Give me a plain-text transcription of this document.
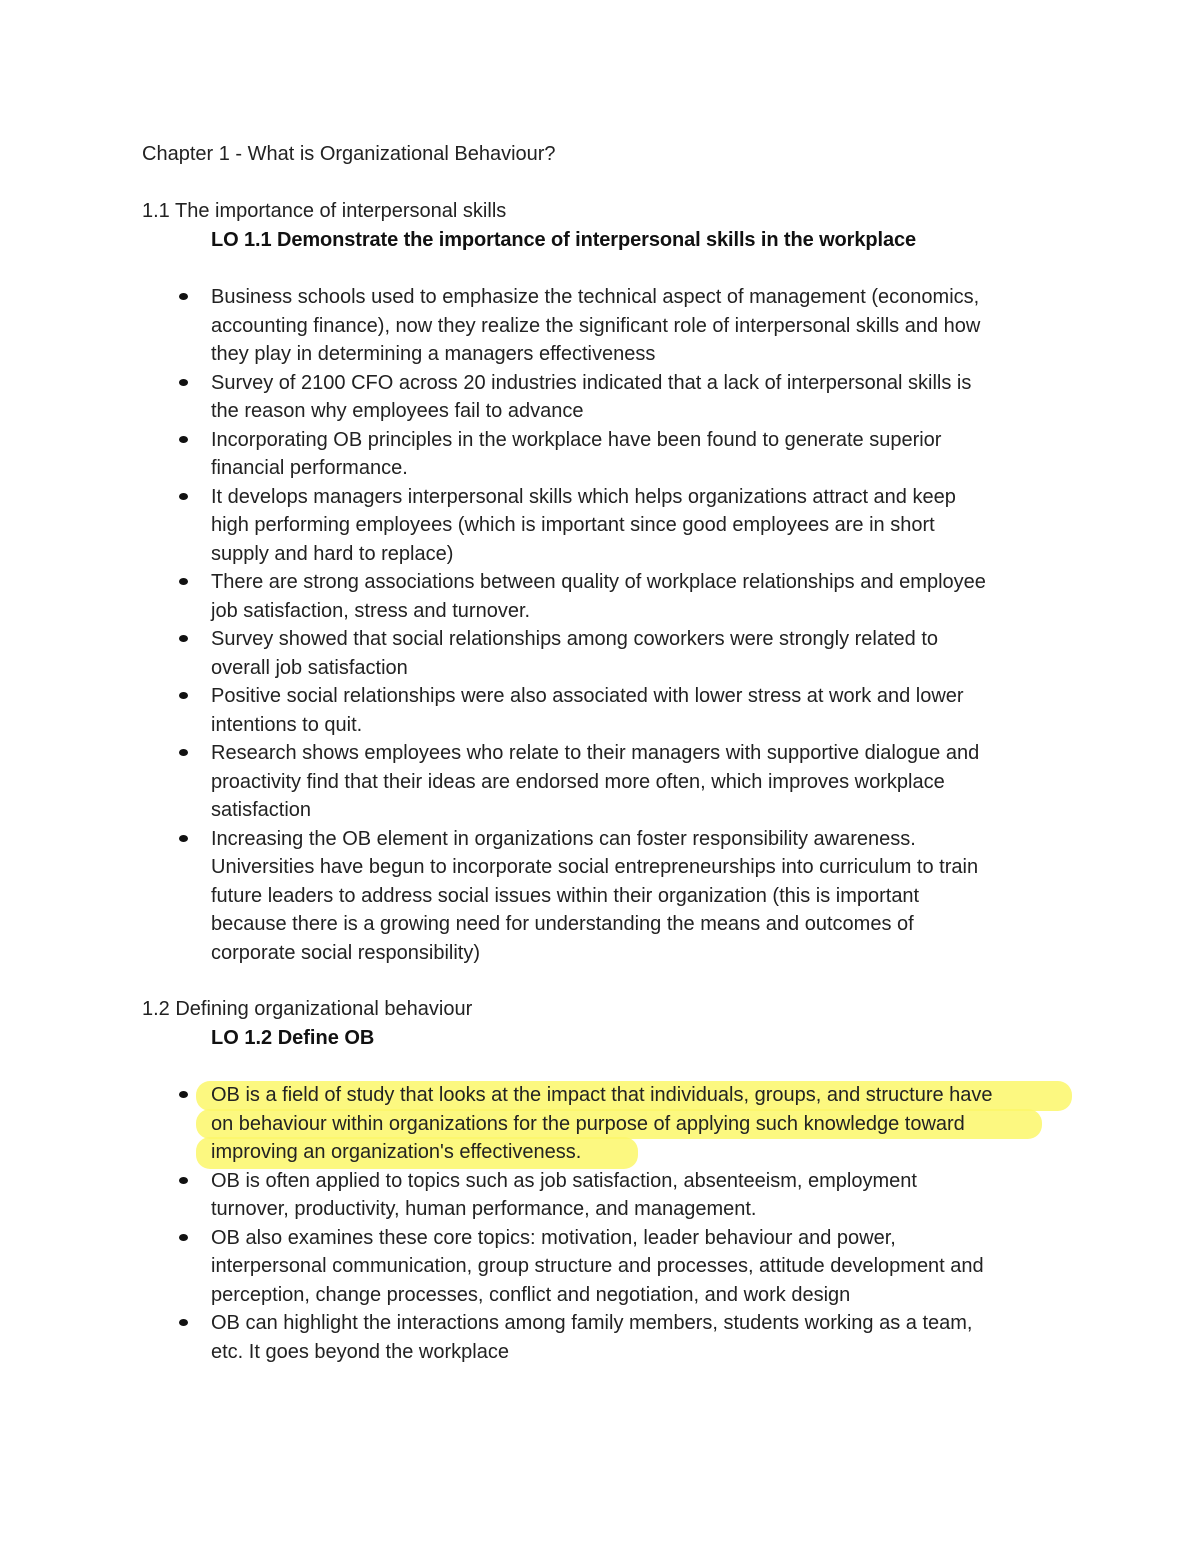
Chapter 1 - What is Organizational Behaviour?
1.1 The importance of interpersonal skills
LO 1.1 Demonstrate the importance of interpersonal skills in the workplace
Business schools used to emphasize the technical aspect of management (economics,
accounting finance), now they realize the significant role of interpersonal skills and how
they play in determining a managers effectiveness
Survey of 2100 CFO across 20 industries indicated that a lack of interpersonal skills is
the reason why employees fail to advance
Incorporating OB principles in the workplace have been found to generate superior
financial performance.
It develops managers interpersonal skills which helps organizations attract and keep
high performing employees (which is important since good employees are in short
supply and hard to replace)
There are strong associations between quality of workplace relationships and employee
job satisfaction, stress and turnover.
Survey showed that social relationships among coworkers were strongly related to
overall job satisfaction
Positive social relationships were also associated with lower stress at work and lower
intentions to quit.
Research shows employees who relate to their managers with supportive dialogue and
proactivity find that their ideas are endorsed more often, which improves workplace
satisfaction
Increasing the OB element in organizations can foster responsibility awareness.
Universities have begun to incorporate social entrepreneurships into curriculum to train
future leaders to address social issues within their organization (this is important
because there is a growing need for understanding the means and outcomes of
corporate social responsibility)
1.2 Defining organizational behaviour
LO 1.2 Define OB
OB is a field of study that looks at the impact that individuals, groups, and structure have
on behaviour within organizations for the purpose of applying such knowledge toward
improving an organization's effectiveness.
OB is often applied to topics such as job satisfaction, absenteeism, employment
turnover, productivity, human performance, and management.
OB also examines these core topics: motivation, leader behaviour and power,
interpersonal communication, group structure and processes, attitude development and
perception, change processes, conflict and negotiation, and work design
OB can highlight the interactions among family members, students working as a team,
etc. It goes beyond the workplace
